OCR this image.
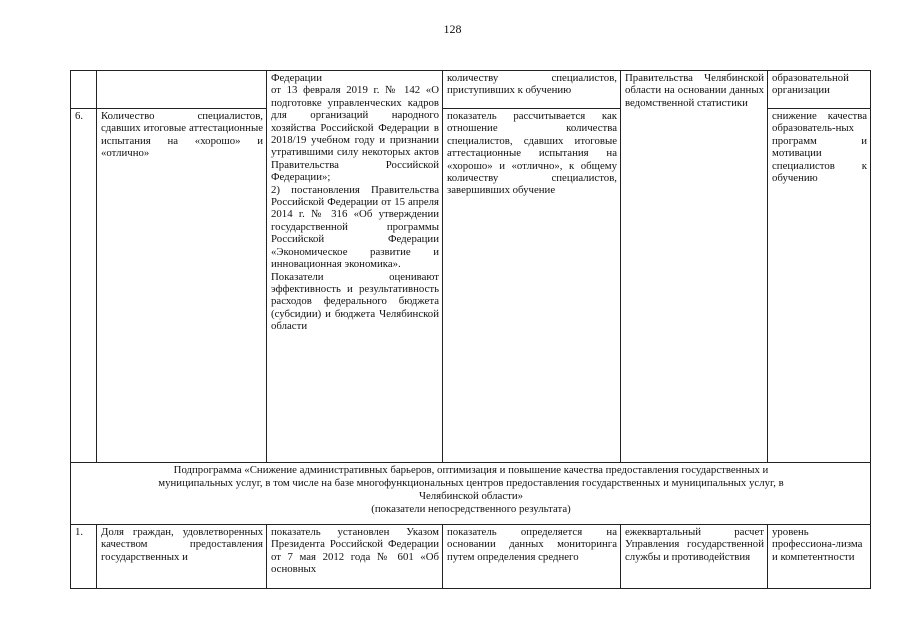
128

		Федерации
от 13 февраля 2019 г. № 142 «О подготовке управленческих кадров для организаций народного хозяйства Российской Федерации в 2018/19 учебном году и признании утратившими силу некоторых актов Правительства Российской Федерации»;
2) постановления Правительства Российской Федерации от 15 апреля 2014 г. № 316 «Об утверждении государственной программы Российской Федерации «Экономическое развитие и инновационная экономика».
Показатели оценивают эффективность и результативность расходов федерального бюджета (субсидии) и бюджета Челябинской области	количеству специалистов, приступивших к обучению	Правительства Челябинской области на основании данных ведомственной статистики	образовательной организации
6.	Количество специалистов, сдавших итоговые аттестационные испытания на «хорошо» и «отлично»		показатель рассчитывается как отношение количества специалистов, сдавших итоговые аттестационные испытания на «хорошо» и «отлично», к общему количеству специалистов, завершивших обучение		снижение качества образователь-ных программ и мотивации специалистов к обучению

Подпрограмма «Снижение административных барьеров, оптимизация и повышение качества предоставления государственных и
муниципальных услуг, в том числе на базе многофункциональных центров предоставления государственных и муниципальных услуг, в
Челябинской области»
(показатели непосредственного результата)					

1.	Доля граждан, удовлетворенных качеством предоставления государственных и	показатель установлен Указом Президента Российской Федерации от 7 мая 2012 года № 601 «Об основных	показатель определяется на основании данных мониторинга путем определения среднего	ежеквартальный расчет Управления государственной службы и противодействия	уровень профессиона-лизма и компетентности
